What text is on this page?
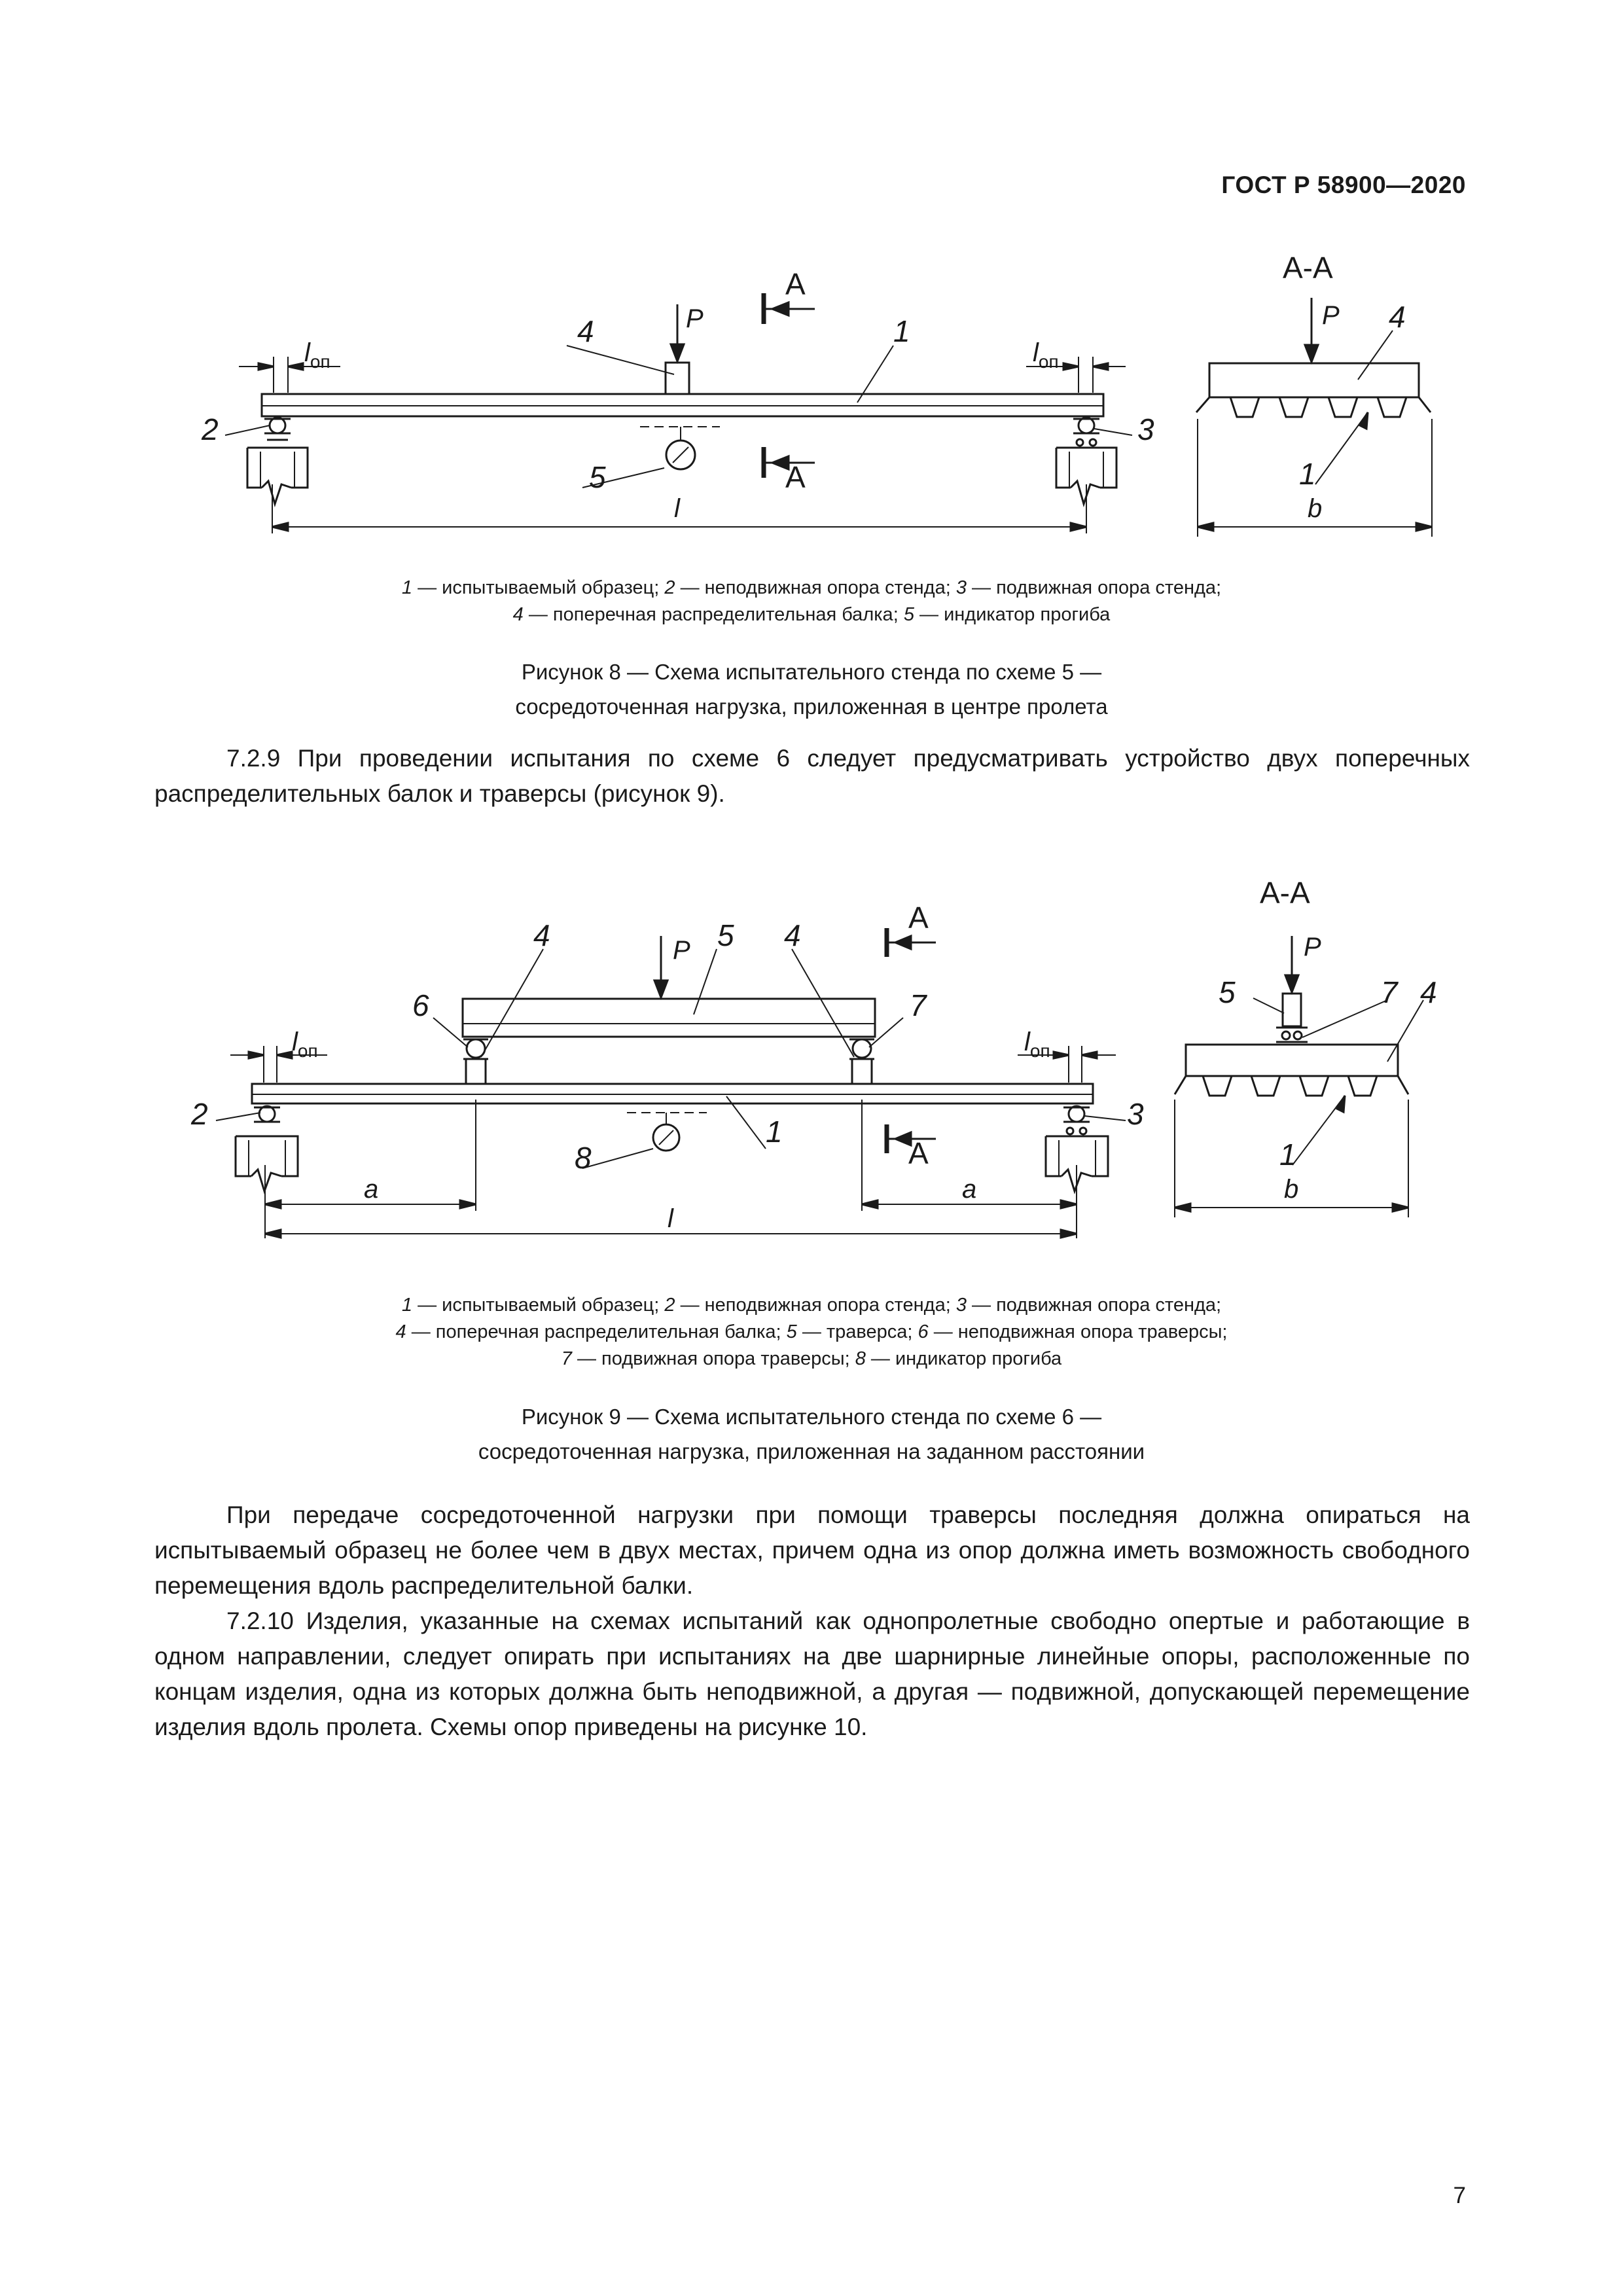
ГОСТ Р 58900—2020
$l_{оп}$	$l_{оп}$
P
4	1
2	3
5
А
А
l
А-А
P 4
1
b
1 — испытываемый образец; 2 — неподвижная опора стенда; 3 — подвижная опора стенда;
4 — поперечная распределительная балка; 5 — индикатор прогиба
Рисунок 8 — Схема испытательного стенда по схеме 5 —
сосредоточенная нагрузка, приложенная в центре пролета

7.2.9 При проведении испытания по схеме 6 следует предусматривать устройство двух поперечных распределительных балок и траверсы (рисунок 9).

$l_{оп}$	$l_{оп}$
P
4	5 4
6	7
1
2	3
8
А
А
a	a
l
А-А
P
5	7 4
1
b
1 — испытываемый образец; 2 — неподвижная опора стенда; 3 — подвижная опора стенда;
4 — поперечная распределительная балка; 5 — траверса; 6 — неподвижная опора траверсы;
7 — подвижная опора траверсы; 8 — индикатор прогиба
Рисунок 9 — Схема испытательного стенда по схеме 6 —
сосредоточенная нагрузка, приложенная на заданном расстоянии

При передаче сосредоточенной нагрузки при помощи траверсы последняя должна опираться на испытываемый образец не более чем в двух местах, причем одна из опор должна иметь возможность свободного перемещения вдоль распределительной балки.

7.2.10 Изделия, указанные на схемах испытаний как однопролетные свободно опертые и работающие в одном направлении, следует опирать при испытаниях на две шарнирные линейные опоры, расположенные по концам изделия, одна из которых должна быть неподвижной, а другая — подвижной, допускающей перемещение изделия вдоль пролета. Схемы опор приведены на рисунке 10.

7
